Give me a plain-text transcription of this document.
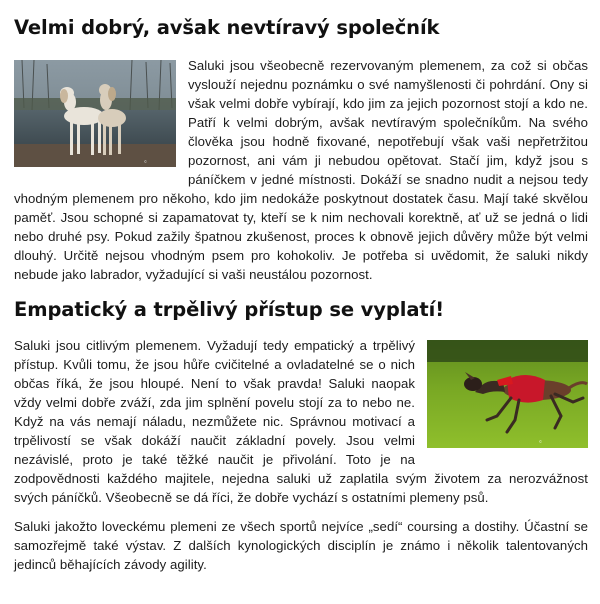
Velmi dobrý, avšak nevtíravý společník

©
Saluki jsou všeobecně rezervovaným plemenem, za což si občas vyslouží nejednu poznámku o své namyšlenosti či pohrdání. Ony si však velmi dobře vybírají, kdo jim za jejich pozornost stojí a kdo ne. Patří k velmi dobrým, avšak nevtíravým společníkům. Na svého člověka jsou hodně fixované, nepotřebují však vaši nepřetržitou pozornost, ani vám ji nebudou opětovat. Stačí jim, když jsou s páníčkem v jedné místnosti. Dokáží se snadno nudit a nejsou tedy vhodným plemenem pro někoho, kdo jim nedokáže poskytnout dostatek času. Mají také skvělou paměť. Jsou schopné si zapamatovat ty, kteří se k nim nechovali korektně, ať už se jedná o lidi nebo druhé psy. Pokud zažily špatnou zkušenost, proces k obnově jejich důvěry může být velmi dlouhý. Určitě nejsou vhodným psem pro kohokoliv. Je potřeba si uvědomit, že saluki nikdy nebude jako labrador, vyžadující si vaši neustálou pozornost.

Empatický a trpělivý přístup se vyplatí!

©
Saluki jsou citlivým plemenem. Vyžadují tedy empatický a trpělivý přístup. Kvůli tomu, že jsou hůře cvičitelné a ovladatelné se o nich občas říká, že jsou hloupé. Není to však pravda! Saluki naopak vždy velmi dobře zváží, zda jim splnění povelu stojí za to nebo ne. Když na vás nemají náladu, nezmůžete nic. Správnou motivací a trpělivostí se však dokáží naučit základní povely. Jsou velmi nezávislé, proto je také těžké naučit je přivolání. Toto je na zodpovědnosti každého majitele, nejedna saluki už zaplatila svým životem za nerozvážnost svých páníčků. Všeobecně se dá říci, že dobře vychází s ostatními plemeny psů.

Saluki jakožto loveckému plemeni ze všech sportů nejvíce „sedí“ coursing a dostihy. Účastní se samozřejmě také výstav. Z dalších kynologických disciplín je známo i několik talentovaných jedinců běhajících závody agility.
